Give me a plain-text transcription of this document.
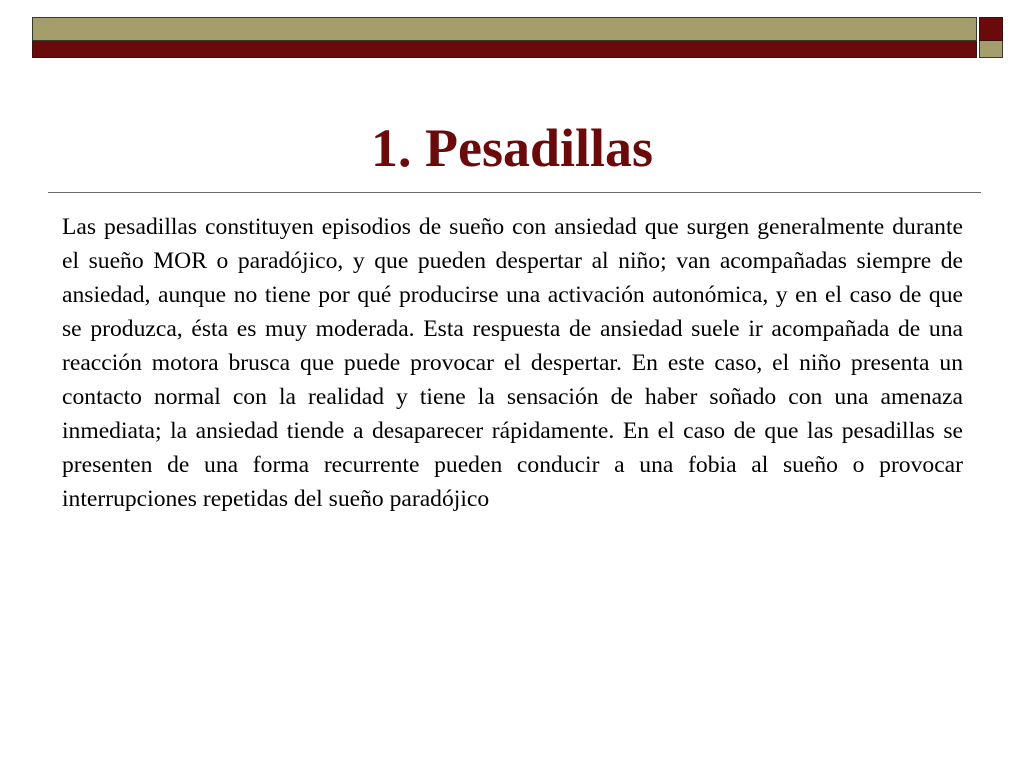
1. Pesadillas

Las pesadillas constituyen episodios de sueño con ansiedad que surgen generalmente durante el sueño MOR o paradójico, y que pueden despertar al niño; van acompañadas siempre de ansiedad, aunque no tiene por qué producirse una activación autonómica, y en el caso de que se produzca, ésta es muy moderada. Esta respuesta de ansiedad suele ir acompañada de una reacción motora brusca que puede provocar el despertar. En este caso, el niño presenta un contacto normal con la realidad y tiene la sensación de haber soñado con una amenaza inmediata; la ansiedad tiende a desaparecer rápidamente. En el caso de que las pesadillas se presenten de una forma recurrente pueden conducir a una fobia al sueño o provocar interrupciones repetidas del sueño paradójico
